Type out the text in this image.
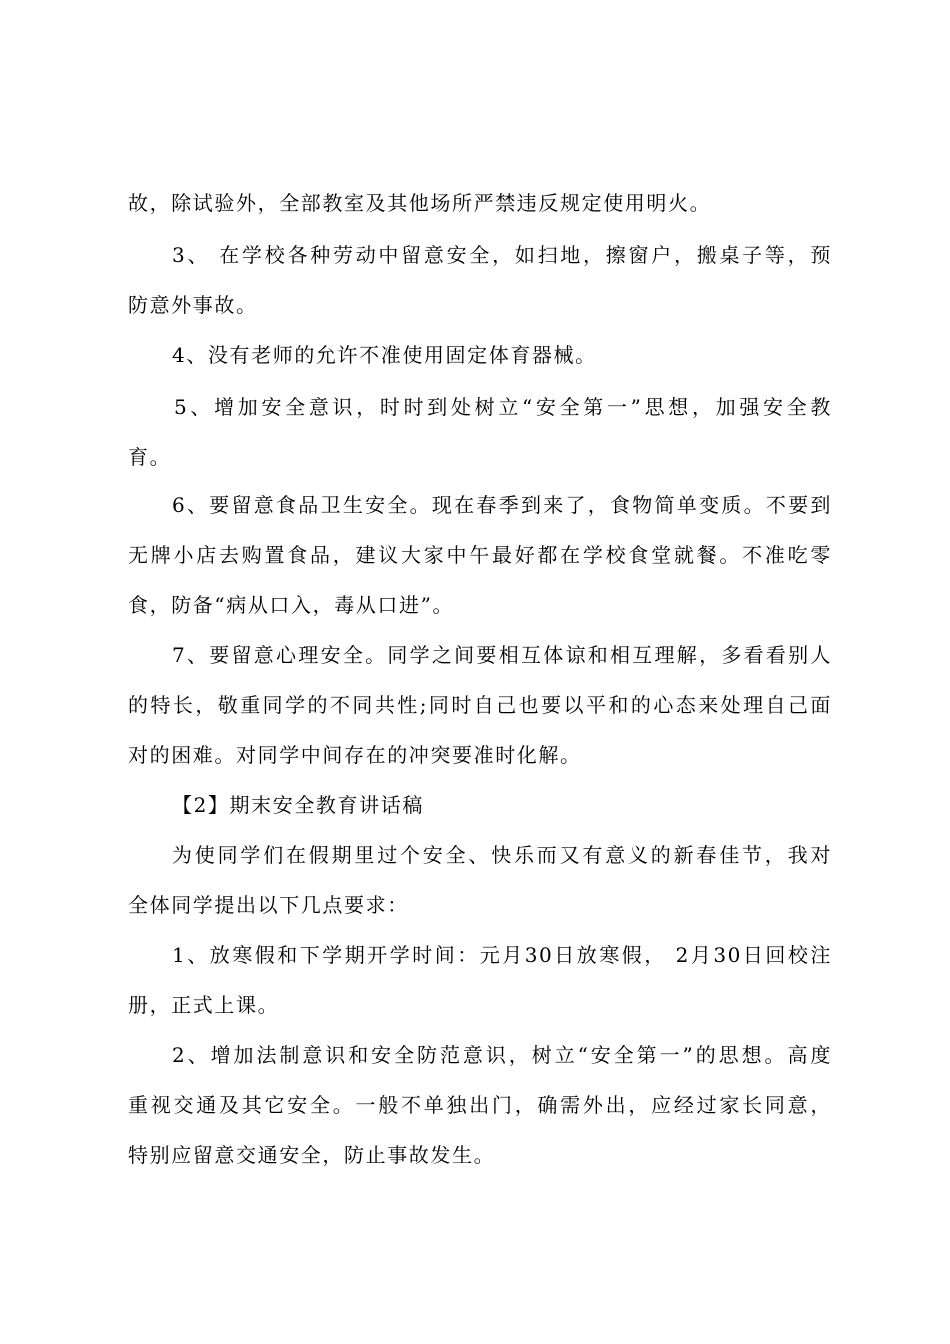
故，除试验外，全部教室及其他场所严禁违反规定使用明火。
3、 在学校各种劳动中留意安全，如扫地，擦窗户，搬桌子等，预
防意外事故。
4、没有老师的允许不准使用固定体育器械。
5、增加安全意识，时时到处树立“安全第一”思想，加强安全教
育。
6、要留意食品卫生安全。现在春季到来了，食物简单变质。不要到
无牌小店去购置食品，建议大家中午最好都在学校食堂就餐。不准吃零
食，防备“病从口入，毒从口进”。
7、要留意心理安全。同学之间要相互体谅和相互理解，多看看别人
的特长，敬重同学的不同共性;同时自己也要以平和的心态来处理自己面
对的困难。对同学中间存在的冲突要准时化解。
【2】期末安全教育讲话稿
为使同学们在假期里过个安全、快乐而又有意义的新春佳节，我对
全体同学提出以下几点要求：
1、放寒假和下学期开学时间：元月30日放寒假， 2月30日回校注
册，正式上课。
2、增加法制意识和安全防范意识，树立“安全第一”的思想。高度
重视交通及其它安全。一般不单独出门，确需外出，应经过家长同意，
特别应留意交通安全，防止事故发生。
